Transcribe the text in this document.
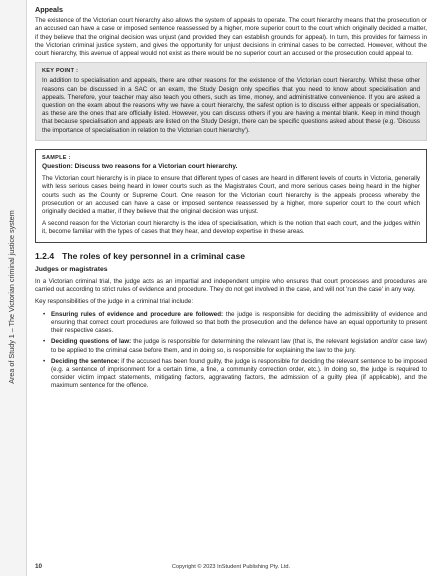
Area of Study 1 – The Victorian criminal justice system
Appeals

The existence of the Victorian court hierarchy also allows the system of appeals to operate. The court hierarchy means that the prosecution or an accused can have a case or imposed sentence reassessed by a higher, more superior court to the court which originally decided a matter, if they believe that the original decision was unjust (and provided they can establish grounds for appeal). In turn, this provides for fairness in the Victorian criminal justice system, and gives the opportunity for unjust decisions in criminal cases to be corrected. However, without the court hierarchy, this avenue of appeal would not exist as there would be no superior court an accused or the prosecution could appeal to.

KEY POINT :
In addition to specialisation and appeals, there are other reasons for the existence of the Victorian court hierarchy. Whilst these other reasons can be discussed in a SAC or an exam, the Study Design only specifies that you need to know about specialisation and appeals. Therefore, your teacher may also teach you others, such as time, money, and administrative convenience. If you are asked a question on the exam about the reasons why we have a court hierarchy, the safest option is to discuss either appeals or specialisation, as these are the ones that are officially listed. However, you can discuss others if you are having a mental blank. Keep in mind though that because specialisation and appeals are listed on the Study Design, there can be specific questions asked about these (e.g. 'Discuss the importance of specialisation in relation to the Victorian court hierarchy').
SAMPLE :
Question: Discuss two reasons for a Victorian court hierarchy.

The Victorian court hierarchy is in place to ensure that different types of cases are heard in different levels of courts in Victoria, generally with less serious cases being heard in lower courts such as the Magistrates Court, and more serious cases being heard in the higher courts such as the County or Supreme Court. One reason for the Victorian court hierarchy is the appeals process whereby the prosecution or an accused can have a case or imposed sentence reassessed by a higher, more superior court to the court which originally decided a matter, if they believe that the original decision was unjust.

A second reason for the Victorian court hierarchy is the idea of specialisation, which is the notion that each court, and the judges within it, become familiar with the types of cases that they hear, and develop expertise in these areas.

1.2.4 The roles of key personnel in a criminal case
Judges or magistrates

In a Victorian criminal trial, the judge acts as an impartial and independent umpire who ensures that court processes and procedures are carried out according to strict rules of evidence and procedure. They do not get involved in the case, and will not 'run the case' in any way.

Key responsibilities of the judge in a criminal trial include:

• Ensuring rules of evidence and procedure are followed: the judge is responsible for deciding the admissibility of evidence and ensuring that correct court procedures are followed so that both the prosecution and the defence have an equal opportunity to present their respective cases.
• Deciding questions of law: the judge is responsible for determining the relevant law (that is, the relevant legislation and/or case law) to be applied to the criminal case before them, and in doing so, is responsible for explaining the law to the jury.
• Deciding the sentence: if the accused has been found guilty, the judge is responsible for deciding the relevant sentence to be imposed (e.g. a sentence of imprisonment for a certain time, a fine, a community correction order, etc.). In doing so, the judge is required to consider victim impact statements, mitigating factors, aggravating factors, the admission of a guilty plea (if applicable), and the maximum sentence for the offence.
10	Copyright © 2023 InStudent Publishing Pty. Ltd.
